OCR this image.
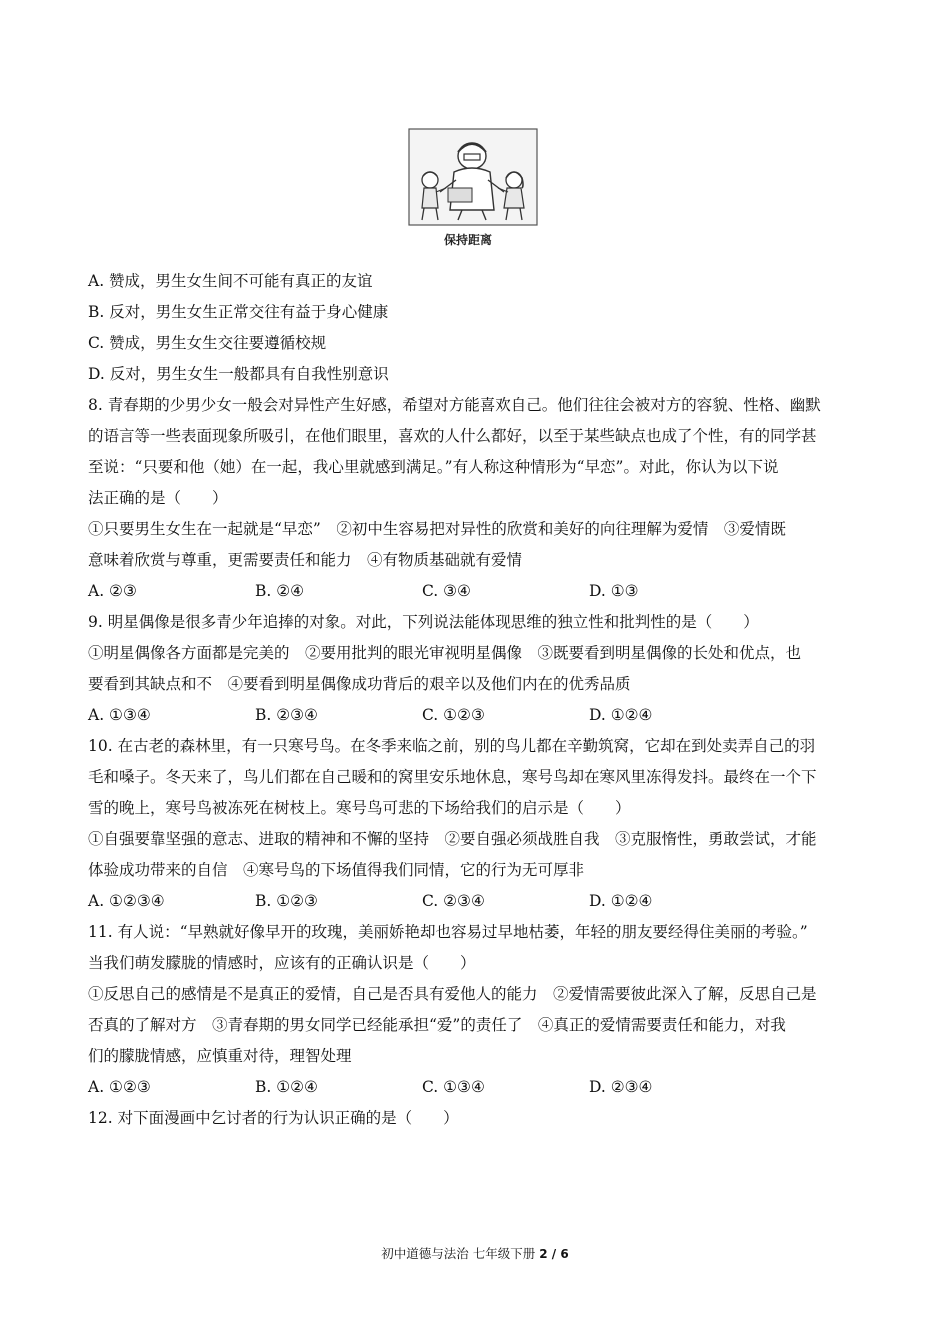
保持距离
A. 赞成，男生女生间不可能有真正的友谊
B. 反对，男生女生正常交往有益于身心健康
C. 赞成，男生女生交往要遵循校规
D. 反对，男生女生一般都具有自我性别意识
8. 青春期的少男少女一般会对异性产生好感，希望对方能喜欢自己。他们往往会被对方的容貌、性格、幽默
的语言等一些表面现象所吸引，在他们眼里，喜欢的人什么都好，以至于某些缺点也成了个性，有的同学甚
至说：“只要和他（她）在一起，我心里就感到满足。”有人称这种情形为“早恋”。对此，你认为以下说
法正确的是（　　）
①只要男生女生在一起就是“早恋”　②初中生容易把对异性的欣赏和美好的向往理解为爱情　③爱情既
意味着欣赏与尊重，更需要责任和能力　④有物质基础就有爱情
A. ②③	B. ②④	C. ③④	D. ①③
9. 明星偶像是很多青少年追捧的对象。对此，下列说法能体现思维的独立性和批判性的是（　　）
①明星偶像各方面都是完美的　②要用批判的眼光审视明星偶像　③既要看到明星偶像的长处和优点，也
要看到其缺点和不　④要看到明星偶像成功背后的艰辛以及他们内在的优秀品质
A. ①③④	B. ②③④	C. ①②③	D. ①②④
10. 在古老的森林里，有一只寒号鸟。在冬季来临之前，别的鸟儿都在辛勤筑窝，它却在到处卖弄自己的羽
毛和嗓子。冬天来了，鸟儿们都在自己暖和的窝里安乐地休息，寒号鸟却在寒风里冻得发抖。最终在一个下
雪的晚上，寒号鸟被冻死在树枝上。寒号鸟可悲的下场给我们的启示是（　　）
①自强要靠坚强的意志、进取的精神和不懈的坚持　②要自强必须战胜自我　③克服惰性，勇敢尝试，才能
体验成功带来的自信　④寒号鸟的下场值得我们同情，它的行为无可厚非
A. ①②③④	B. ①②③	C. ②③④	D. ①②④
11. 有人说：“早熟就好像早开的玫瑰，美丽娇艳却也容易过早地枯萎，年轻的朋友要经得住美丽的考验。”
当我们萌发朦胧的情感时，应该有的正确认识是（　　）
①反思自己的感情是不是真正的爱情，自己是否具有爱他人的能力　②爱情需要彼此深入了解，反思自己是
否真的了解对方　③青春期的男女同学已经能承担“爱”的责任了　④真正的爱情需要责任和能力，对我
们的朦胧情感，应慎重对待，理智处理
A. ①②③	B. ①②④	C. ①③④	D. ②③④
12. 对下面漫画中乞讨者的行为认识正确的是（　　）
初中道德与法治 七年级下册 2 / 6
